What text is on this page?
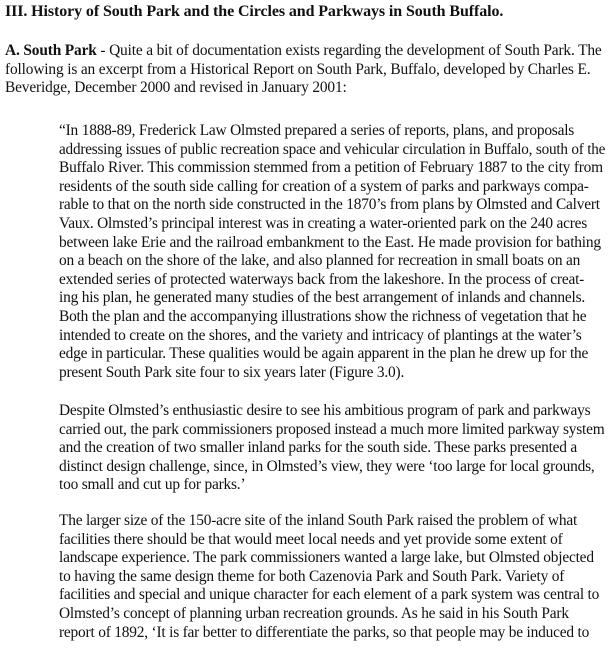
III. History of South Park and the Circles and Parkways in South Buffalo.

A. South Park - Quite a bit of documentation exists regarding the development of South Park. The
following is an excerpt from a Historical Report on South Park, Buffalo, developed by Charles E.
Beveridge, December 2000 and revised in January 2001:

“In 1888-89, Frederick Law Olmsted prepared a series of reports, plans, and proposals
addressing issues of public recreation space and vehicular circulation in Buffalo, south of the
Buffalo River. This commission stemmed from a petition of February 1887 to the city from
residents of the south side calling for creation of a system of parks and parkways compa-
rable to that on the north side constructed in the 1870’s from plans by Olmsted and Calvert
Vaux. Olmsted’s principal interest was in creating a water-oriented park on the 240 acres
between lake Erie and the railroad embankment to the East. He made provision for bathing
on a beach on the shore of the lake, and also planned for recreation in small boats on an
extended series of protected waterways back from the lakeshore. In the process of creat-
ing his plan, he generated many studies of the best arrangement of inlands and channels.
Both the plan and the accompanying illustrations show the richness of vegetation that he
intended to create on the shores, and the variety and intricacy of plantings at the water’s
edge in particular. These qualities would be again apparent in the plan he drew up for the
present South Park site four to six years later (Figure 3.0).
Despite Olmsted’s enthusiastic desire to see his ambitious program of park and parkways
carried out, the park commissioners proposed instead a much more limited parkway system
and the creation of two smaller inland parks for the south side. These parks presented a
distinct design challenge, since, in Olmsted’s view, they were ‘too large for local grounds,
too small and cut up for parks.’
The larger size of the 150-acre site of the inland South Park raised the problem of what
facilities there should be that would meet local needs and yet provide some extent of
landscape experience. The park commissioners wanted a large lake, but Olmsted objected
to having the same design theme for both Cazenovia Park and South Park. Variety of
facilities and special and unique character for each element of a park system was central to
Olmsted’s concept of planning urban recreation grounds. As he said in his South Park
report of 1892, ‘It is far better to differentiate the parks, so that people may be induced to
